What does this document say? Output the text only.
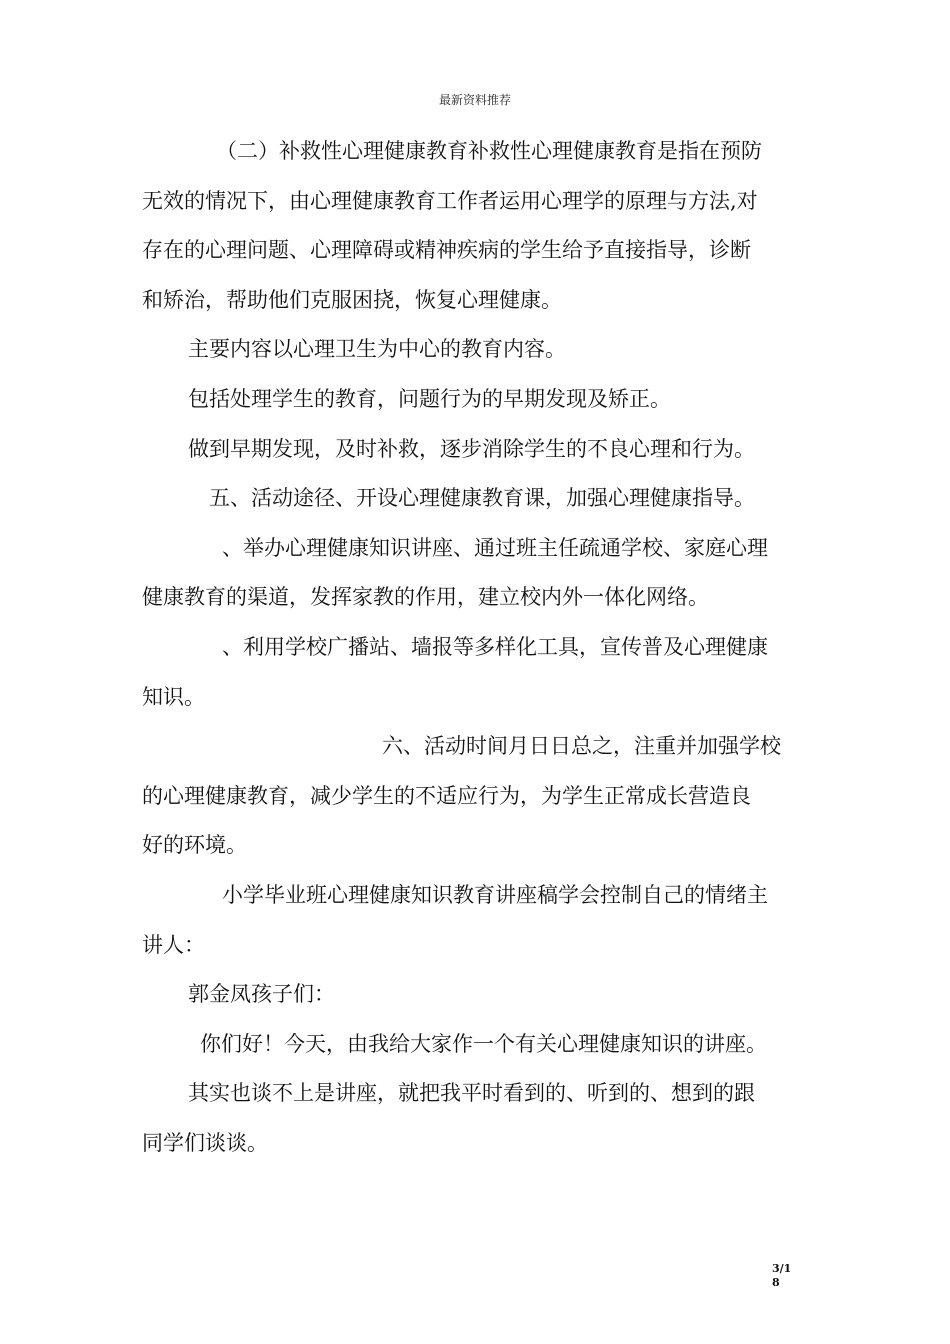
最新资料推荐
（二）补救性心理健康教育补救性心理健康教育是指在预防
无效的情况下，由心理健康教育工作者运用心理学的原理与方法,对
存在的心理问题、心理障碍或精神疾病的学生给予直接指导，诊断
和矫治，帮助他们克服困挠，恢复心理健康。
主要内容以心理卫生为中心的教育内容。
包括处理学生的教育，问题行为的早期发现及矫正。
做到早期发现，及时补救，逐步消除学生的不良心理和行为。
五、活动途径、开设心理健康教育课，加强心理健康指导。
、举办心理健康知识讲座、通过班主任疏通学校、家庭心理
健康教育的渠道，发挥家教的作用，建立校内外一体化网络。
、利用学校广播站、墙报等多样化工具，宣传普及心理健康
知识。
六、活动时间月日日总之，注重并加强学校
的心理健康教育，减少学生的不适应行为，为学生正常成长营造良
好的环境。
小学毕业班心理健康知识教育讲座稿学会控制自己的情绪主
讲人：
郭金凤孩子们：
你们好！今天，由我给大家作一个有关心理健康知识的讲座。
其实也谈不上是讲座，就把我平时看到的、听到的、想到的跟
同学们谈谈。
3/18
